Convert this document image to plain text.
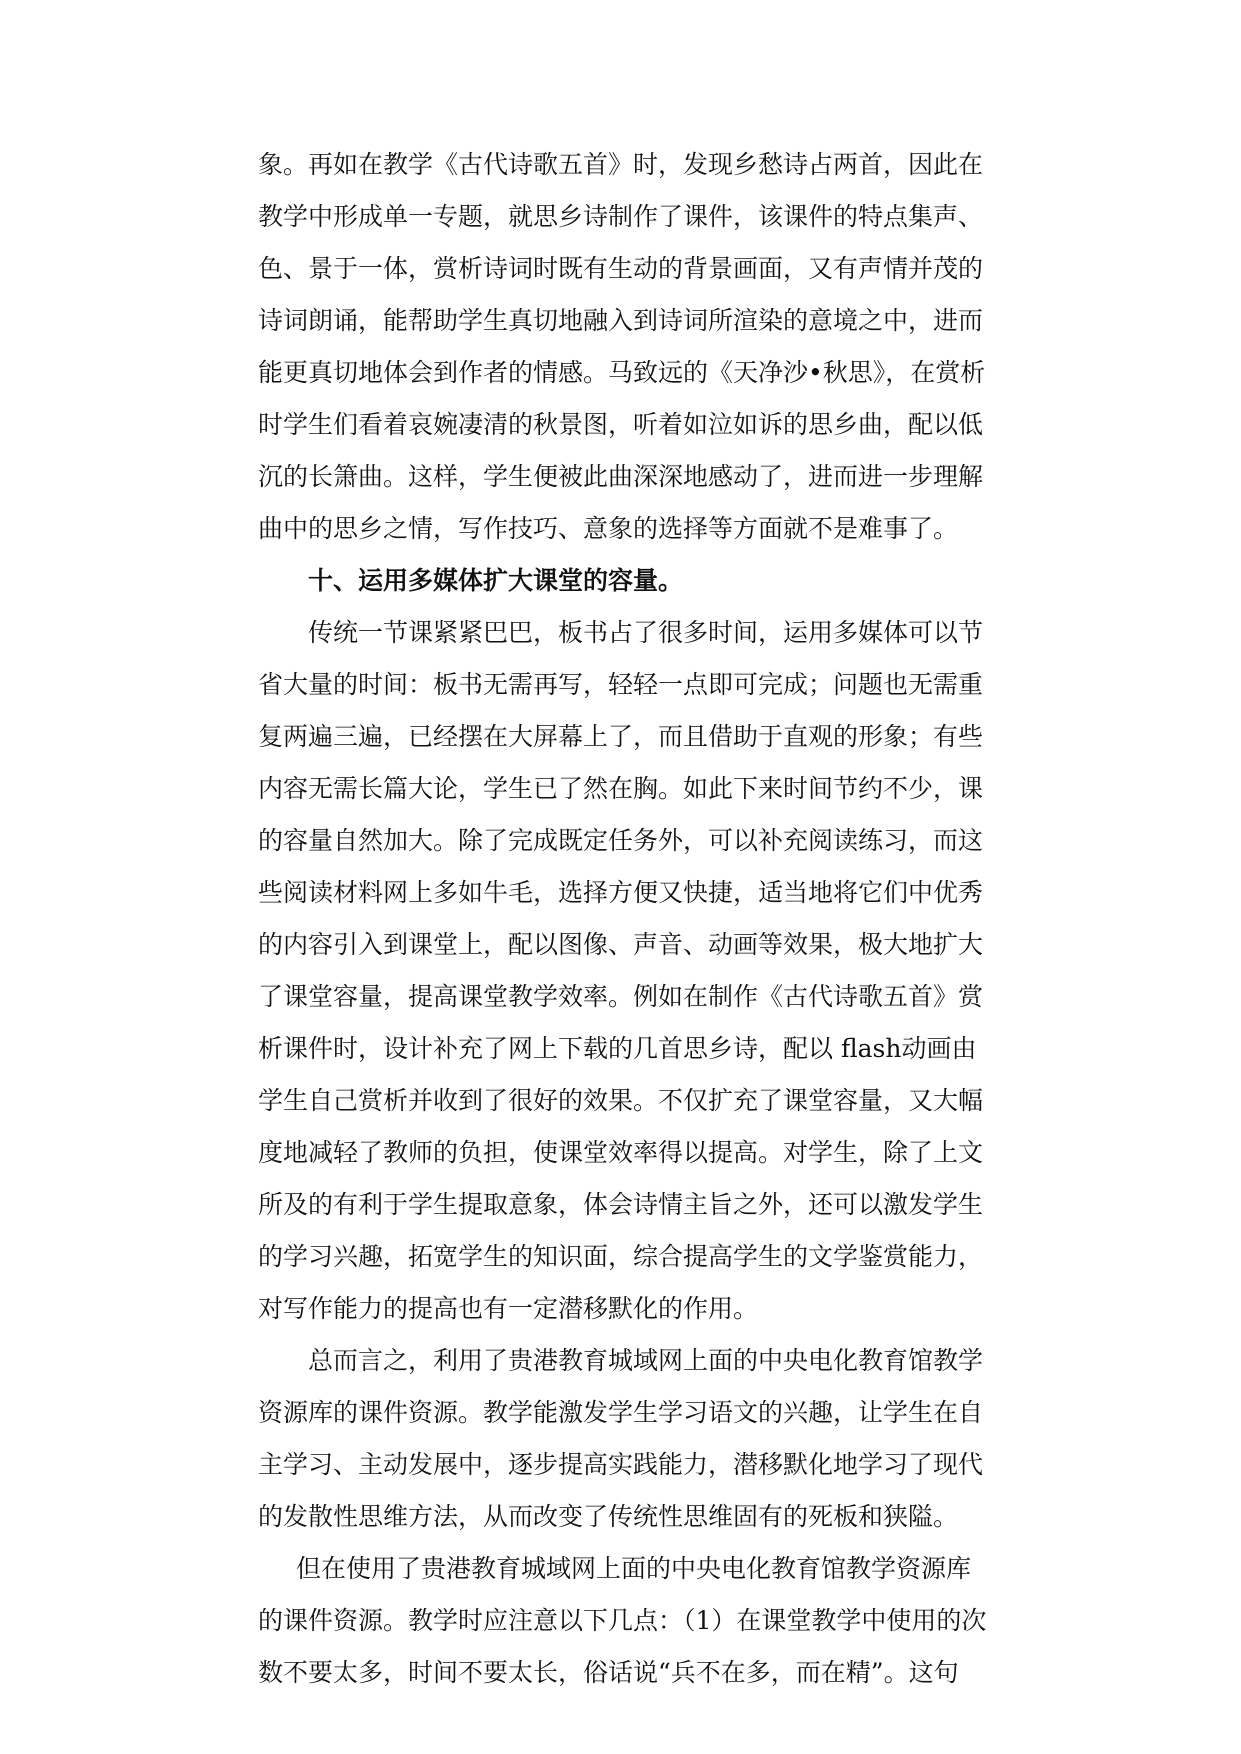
象。再如在教学《古代诗歌五首》时，发现乡愁诗占两首，因此在
教学中形成单一专题，就思乡诗制作了课件，该课件的特点集声、
色、景于一体，赏析诗词时既有生动的背景画面，又有声情并茂的
诗词朗诵，能帮助学生真切地融入到诗词所渲染的意境之中，进而
能更真切地体会到作者的情感。马致远的《天净沙•秋思》，在赏析
时学生们看着哀婉凄清的秋景图，听着如泣如诉的思乡曲，配以低
沉的长箫曲。这样，学生便被此曲深深地感动了，进而进一步理解
曲中的思乡之情，写作技巧、意象的选择等方面就不是难事了。
十、运用多媒体扩大课堂的容量。
传统一节课紧紧巴巴，板书占了很多时间，运用多媒体可以节
省大量的时间：板书无需再写，轻轻一点即可完成；问题也无需重
复两遍三遍，已经摆在大屏幕上了，而且借助于直观的形象；有些
内容无需长篇大论，学生已了然在胸。如此下来时间节约不少，课
的容量自然加大。除了完成既定任务外，可以补充阅读练习，而这
些阅读材料网上多如牛毛，选择方便又快捷，适当地将它们中优秀
的内容引入到课堂上，配以图像、声音、动画等效果，极大地扩大
了课堂容量，提高课堂教学效率。例如在制作《古代诗歌五首》赏
析课件时，设计补充了网上下载的几首思乡诗，配以 flash动画由
学生自己赏析并收到了很好的效果。不仅扩充了课堂容量，又大幅
度地减轻了教师的负担，使课堂效率得以提高。对学生，除了上文
所及的有利于学生提取意象，体会诗情主旨之外，还可以激发学生
的学习兴趣，拓宽学生的知识面，综合提高学生的文学鉴赏能力，
对写作能力的提高也有一定潜移默化的作用。
总而言之，利用了贵港教育城域网上面的中央电化教育馆教学
资源库的课件资源。教学能激发学生学习语文的兴趣，让学生在自
主学习、主动发展中，逐步提高实践能力，潜移默化地学习了现代
的发散性思维方法，从而改变了传统性思维固有的死板和狭隘。
但在使用了贵港教育城域网上面的中央电化教育馆教学资源库
的课件资源。教学时应注意以下几点：（1）在课堂教学中使用的次
数不要太多，时间不要太长，俗话说“兵不在多，而在精”。这句
